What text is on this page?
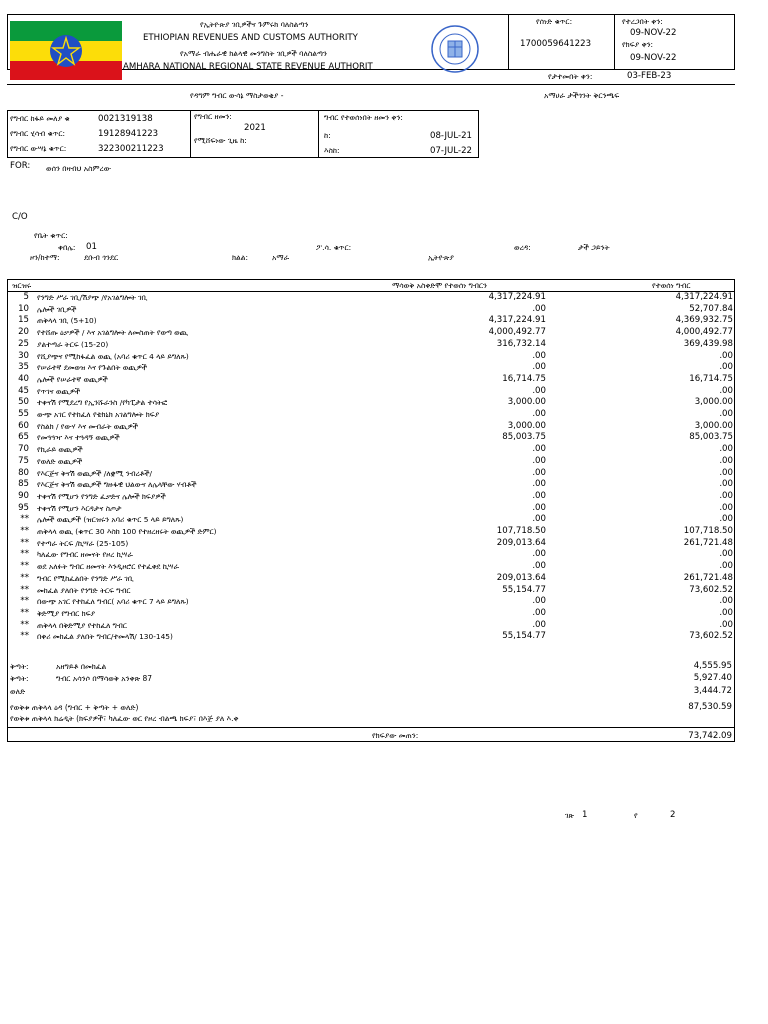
የኢትዮጵያ ገቢዎችና ጉምሩክ ባለስልጣን
ETHIOPIAN REVENUES AND CUSTOMS AUTHORITY
የአማራ ብሔራዊ ክልላዊ መንግስት ገቢዎች ባለስልጣን
AMHARA NATIONAL REGIONAL STATE REVENUE AUTHORIT
የሰነድ ቁጥር:
1700059641223
የተረጋበት ቀን:
09-NOV-22
የክፍያ ቀን:
09-NOV-22
የታተመበት ቀን:	03-FEB-23
የዳግም ግብር ውሳኔ ማስታወቂያ -	አማሀራ ታችጎንት ቅርንጫፍ
የግብር ከፋይ መለያ ቁ	0021319138
የግብር ሂሳብ ቁጥር:	19128941223
የግብር ውሣኔ ቁጥር:	322300211223
የግብር ዘመን:
2021
የሚሸፍነው ጊዜ ከ:
ግብር የተወሰነበት ዘመን ቀን:
ከ:	08-JUL-21
እስከ:	07-JUL-22
FOR: ወሰን በዛብህ አስምረው
C/O
የቤት ቁጥር:
ቀበሌ: 01	ፖ.ሳ. ቁጥር:	ወረዳ:	ታች ጋይንት
ዞን/ከተማ:	ደቡብ ጎንደር	ክልል:	አማራ	ኢትዮጵያ
ዝርዝሩ	ማሳወቅ አስቀድሞ የተወሰነ ግብርን	የተወሰነ ግብር
5	የንግድ ሥራ ገቢ/ሽያጭ /የአገልግሎት ገቢ	4,317,224.91	4,317,224.91
10	ሌሎች ገቢዎች	.00	52,707.84
15	ጠቅላላ ገቢ (5+10)	4,317,224.91	4,369,932.75
20	የተሸጡ ዕቃዎች / እና አገልግሎት ለመስጠት የወጣ ወጪ	4,000,492.77	4,000,492.77
25	ያልተጣራ ትርፍ (15-20)	316,732.14	369,439.98
30	የሺያጭና የሚከፋፈል ወጪ (አባሪ ቁጥር 4 ላይ ይግለጹ)	.00	.00
35	የሠራተኛ ደመወዝ እና የጉልበት ወጪዎች	.00	.00
40	ሌሎች የሠራተኛ ወጪዎች	16,714.75	16,714.75
45	የጥገና ወጪዎች	.00	.00
50	ተቀናሽ የሚደረግ የኢንሹራንስ /የካፒታል ተሳትፎ	3,000.00	3,000.00
55	ውጭ አገር የተከፈለ የቴክኒክ አገልግሎት ክፍያ	.00	.00
60	የስልክ / የውሃ እና መብራት ወጪዎች	3,000.00	3,000.00
65	የመጓጓዣ እና ተጓዳኝ ወጪዎች	85,003.75	85,003.75
70	የኪራይ ወጪዎች	.00	.00
75	የወለድ ወጪዎች	.00	.00
80	የእርጅና ቅናሽ ወጪዎች /ለቋሚ ንብረቶች/	.00	.00
85	የእርጅና ቅናሽ ወጪዎች ግዙፋዊ ህልውና ለሌላቸው ሃብቶች	.00	.00
90	ተቀናሽ የሚሆን የንግድ ፈቃድና ሌሎች ክፍያዎች	.00	.00
95	ተቀናሽ የሚሆን እርዳታና ስጦታ	.00	.00
**	ሌሎች ወጪዎች (ዝርዝሩን አባሪ ቁጥር 5 ላይ ይግለጹ)	.00	.00
**	ጠቅላላ ወጪ (ቁጥር 30 እስከ 100 የተዘረዘሩት ወጪዎች ድምር)	107,718.50	107,718.50
**	የተጣራ ትርፍ /ኪሣራ (25-105)	209,013.64	261,721.48
**	ካለፈው የግብር ዘመናት የዞረ ኪሣራ	.00	.00
**	ወደ አለፉት ግብር ዘመናት እንዲዞሮር የተፈቀደ ኪሣራ	.00	.00
**	ግብር የሚከፈልበት የንግድ ሥራ ገቢ	209,013.64	261,721.48
**	መከፈል ያለበት የንግድ ትርፍ ግብር	55,154.77	73,602.52
**	በውጭ አገር የተከፈለ ግብር( አባሪ ቁጥር 7 ላይ ይግለጹ)	.00	.00
**	ቅድሚያ የግብር ክፍያ	.00	.00
**	ጠቅላላ በቅድሚያ የተከፈለ ግብር	.00	.00
**	በቀሪ መከፈል ያለበት ግብር/ተመላሽ/ 130-145)	55,154.77	73,602.52
ቅጣት:	አዘግይቶ በመክፈል	4,555.95
ቅጣት:	ግብር አሳንሶ በማሳወቅ አንቀጽ 87	5,927.40
ወለድ	3,444.72
የወቅቱ ጠቅላላ ዕዳ (ግብር + ቅጣት + ወለድ)	87,530.59
የወቅቱ ጠቅላላ ክሬዲት (ክፍያዎች፣ ካለፈው ወር የዞረ ብልጫ ክፍያ፣ በእጅ ያለ እ.ቀ
የክፍያው መጠን:	73,742.09
ገጽ 1	የ	2
